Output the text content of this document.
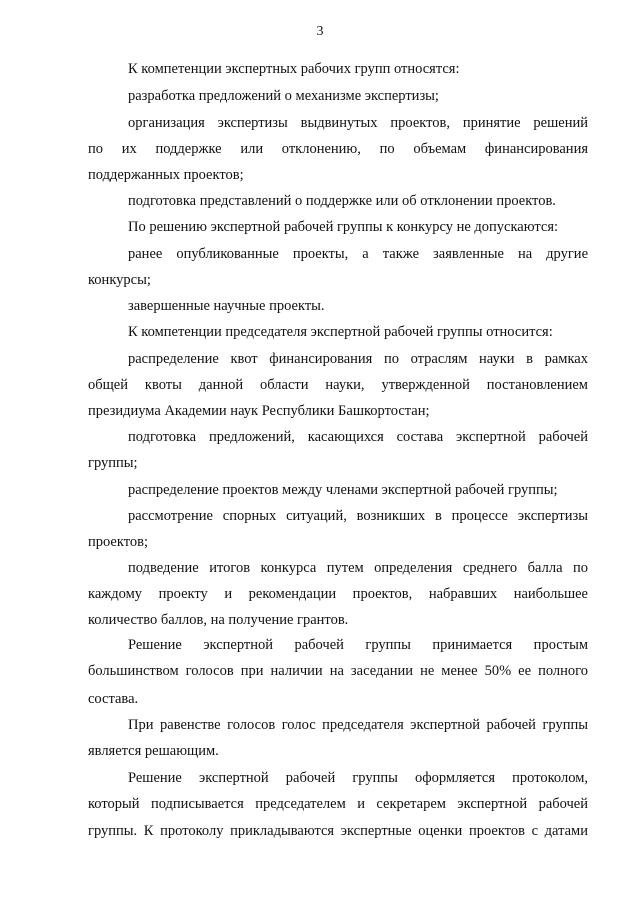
3
К компетенции экспертных рабочих групп относятся:
разработка предложений о механизме экспертизы;
организация экспертизы выдвинутых проектов, принятие решений
по их поддержке или отклонению, по объемам финансирования
поддержанных проектов;
подготовка представлений о поддержке или об отклонении проектов.
По решению экспертной рабочей группы к конкурсу не допускаются:
ранее опубликованные проекты, а также заявленные на другие
конкурсы;
завершенные научные проекты.
К компетенции председателя экспертной рабочей группы относится:
распределение квот финансирования по отраслям науки в рамках
общей квоты данной области науки, утвержденной постановлением
президиума Академии наук Республики Башкортостан;
подготовка предложений, касающихся состава экспертной рабочей
группы;
распределение проектов между членами экспертной рабочей группы;
рассмотрение спорных ситуаций, возникших в процессе экспертизы
проектов;
подведение итогов конкурса путем определения среднего балла по
каждому проекту и рекомендации проектов, набравших наибольшее
количество баллов, на получение грантов.
Решение экспертной рабочей группы принимается простым
большинством голосов при наличии на заседании не менее 50% ее полного
состава.
При равенстве голосов голос председателя экспертной рабочей группы
является решающим.
Решение экспертной рабочей группы оформляется протоколом,
который подписывается председателем и секретарем экспертной рабочей
группы. К протоколу прикладываются экспертные оценки проектов с датами
